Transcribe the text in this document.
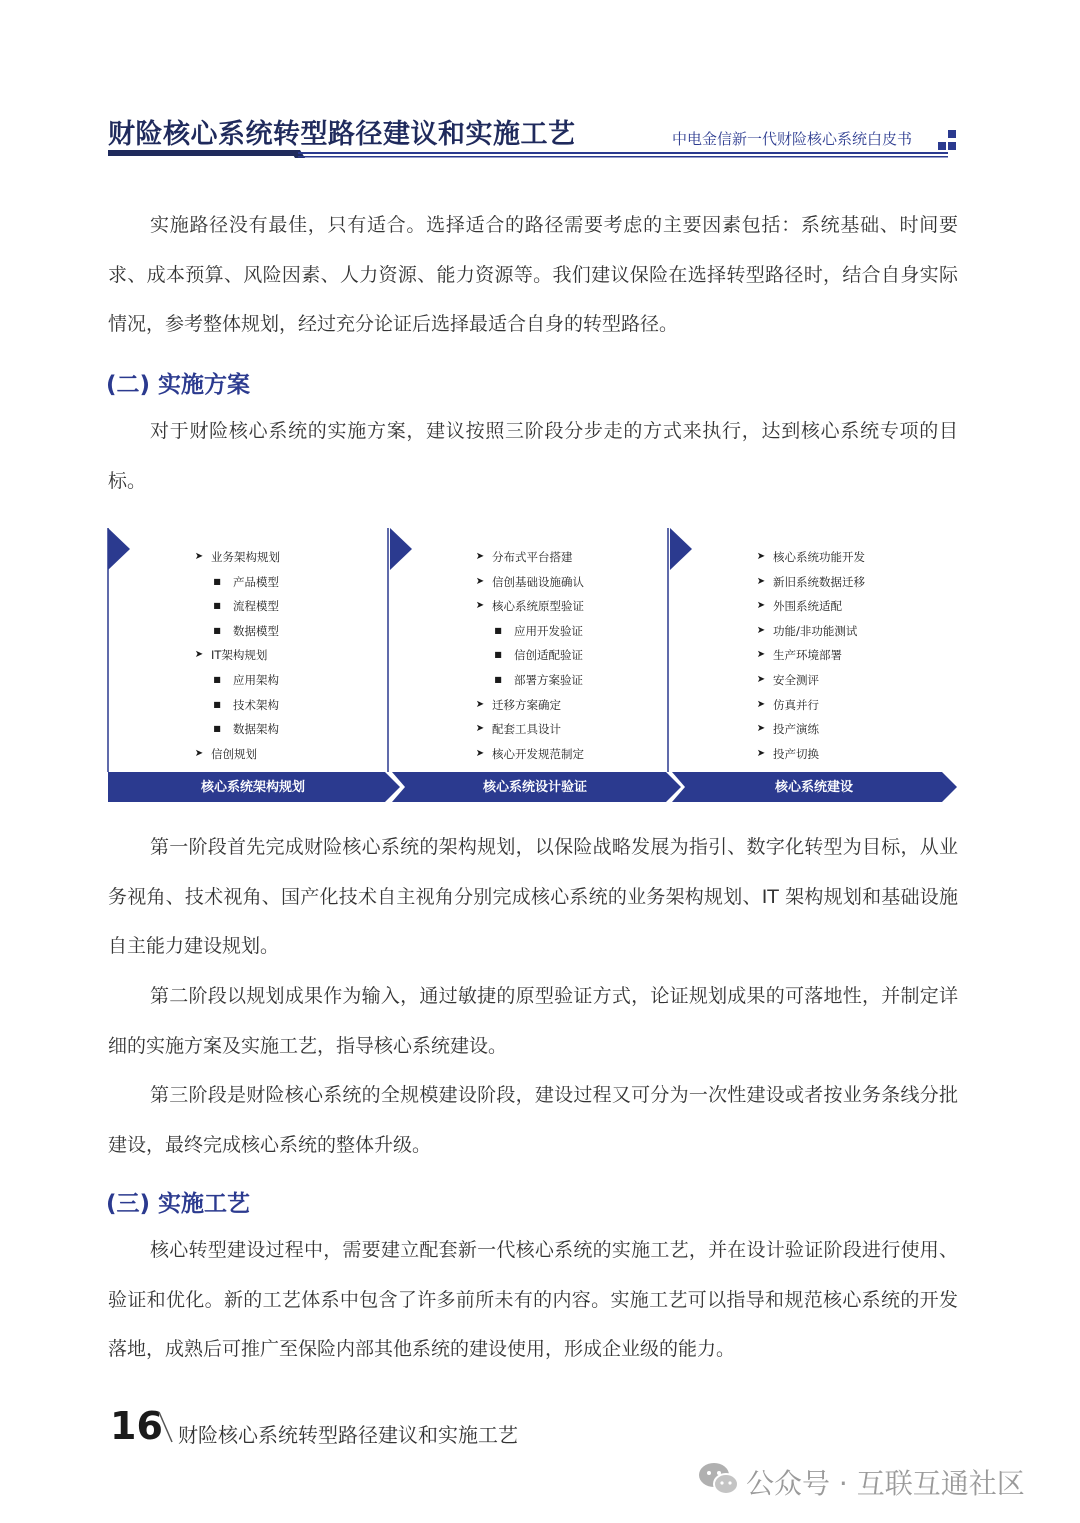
财险核心系统转型路径建议和实施工艺	中电金信新一代财险核心系统白皮书

实施路径没有最佳，只有适合。选择适合的路径需要考虑的主要因素包括：系统基础、时间要求、成本预算、风险因素、人力资源、能力资源等。我们建议保险在选择转型路径时，结合自身实际情况，参考整体规划，经过充分论证后选择最适合自身的转型路径。

(二) 实施方案

对于财险核心系统的实施方案，建议按照三阶段分步走的方式来执行，达到核心系统专项的目标。

➤ 业务架构规划
■ 产品模型
■ 流程模型
■ 数据模型
➤ IT架构规划
■ 应用架构
■ 技术架构
■ 数据架构
➤ 信创规划
➤ 分布式平台搭建
➤ 信创基础设施确认
➤ 核心系统原型验证
■ 应用开发验证
■ 信创适配验证
■ 部署方案验证
➤ 迁移方案确定
➤ 配套工具设计
➤ 核心开发规范制定
➤ 核心系统功能开发
➤ 新旧系统数据迁移
➤ 外围系统适配
➤ 功能/非功能测试
➤ 生产环境部署
➤ 安全测评
➤ 仿真并行
➤ 投产演练
➤ 投产切换
核心系统架构规划	核心系统设计验证	核心系统建设

第一阶段首先完成财险核心系统的架构规划，以保险战略发展为指引、数字化转型为目标，从业务视角、技术视角、国产化技术自主视角分别完成核心系统的业务架构规划、IT 架构规划和基础设施自主能力建设规划。

第二阶段以规划成果作为输入，通过敏捷的原型验证方式，论证规划成果的可落地性，并制定详细的实施方案及实施工艺，指导核心系统建设。

第三阶段是财险核心系统的全规模建设阶段，建设过程又可分为一次性建设或者按业务条线分批建设，最终完成核心系统的整体升级。

(三) 实施工艺

核心转型建设过程中，需要建立配套新一代核心系统的实施工艺，并在设计验证阶段进行使用、验证和优化。新的工艺体系中包含了许多前所未有的内容。实施工艺可以指导和规范核心系统的开发落地，成熟后可推广至保险内部其他系统的建设使用，形成企业级的能力。

16 财险核心系统转型路径建议和实施工艺
公众号 · 互联互通社区
